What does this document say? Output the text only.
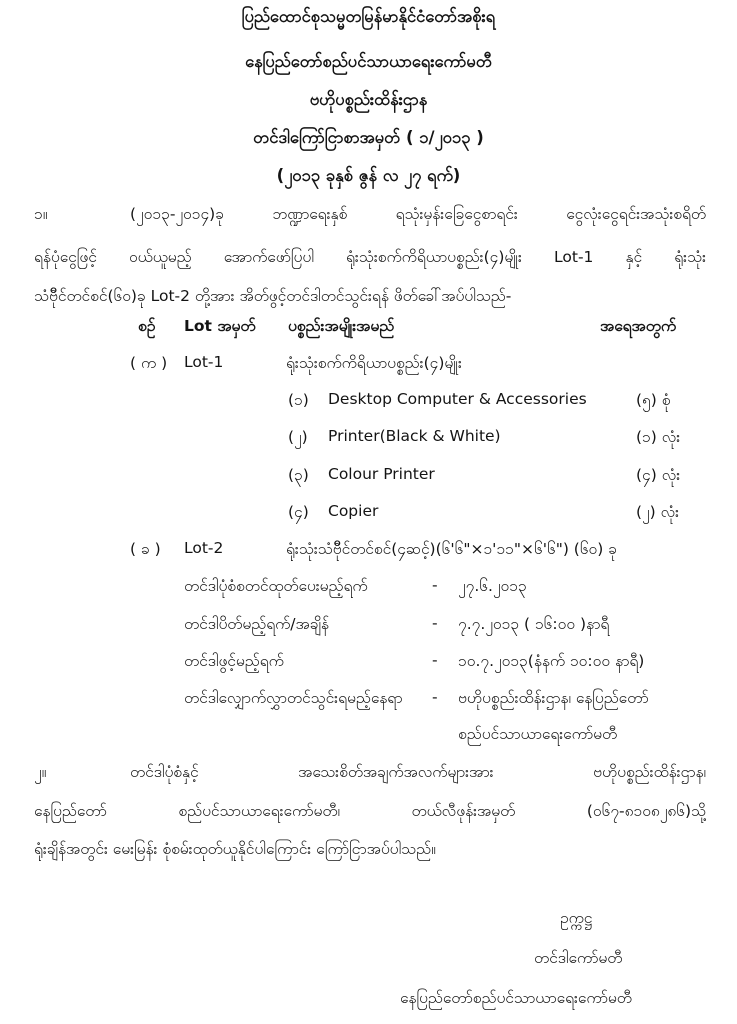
ပြည်ထောင်စုသမ္မတမြန်မာနိုင်ငံတော်အစိုးရ
နေပြည်တော်စည်ပင်သာယာရေးကော်မတီ
ဗဟိုပစ္စည်းထိန်းဌာန
တင်ဒါကြော်ငြာစာအမှတ် ( ၁/၂၀၁၃ )
(၂၀၁၃ ခုနှစ် ဇွန် လ ၂၇ ရက်)
၁။	(၂၀၁၃-၂၀၁၄)ခု ဘဏ္ဍာရေးနှစ် ရသုံးမှန်းခြေငွေစာရင်း ငွေလုံးငွေရင်းအသုံးစရိတ်
ရန်ပုံငွေဖြင့် ဝယ်ယူမည့် အောက်ဖော်ပြပါ ရုံးသုံးစက်ကိရိယာပစ္စည်း(၄)မျိုး Lot-1 နှင့် ရုံးသုံး
သံဗီိုင်တင်စင်(၆၀)ခု Lot-2 တို့အား အိတ်ဖွင့်တင်ဒါတင်သွင်းရန် ဖိတ်ခေါ်အပ်ပါသည်-
စဉ် Lot အမှတ် ပစ္စည်းအမျိုးအမည်	အရေအတွက်
( က ) Lot-1	ရုံးသုံးစက်ကိရိယာပစ္စည်း(၄)မျိုး
(၁) Desktop Computer & Accessories	(၅) စုံ
(၂) Printer(Black & White)	(၁) လုံး
(၃) Colour Printer	(၄) လုံး
(၄) Copier	(၂) လုံး
( ခ ) Lot-2	ရုံးသုံးသံဗီိုင်တင်စင်(၄ဆင့်)(၆'၆"×၁'၁၁"×၆'၆") (၆၀) ခု
တင်ဒါပုံစံစတင်ထုတ်ပေးမည့်ရက်	- ၂၇.၆.၂၀၁၃
တင်ဒါပိတ်မည့်ရက်/အချိန်	- ၇.၇.၂၀၁၃ ( ၁၆:၀၀ )နာရီ
တင်ဒါဖွင့်မည့်ရက်	- ၁၀.၇.၂၀၁၃(နံနက် ၁၀:၀၀ နာရီ)
တင်ဒါလျှောက်လွှာတင်သွင်းရမည့်နေရာ - ဗဟိုပစ္စည်းထိန်းဌာန၊ နေပြည်တော်
စည်ပင်သာယာရေးကော်မတီ
၂။	တင်ဒါပုံစံနှင့် အသေးစိတ်အချက်အလက်များအား ဗဟိုပစ္စည်းထိန်းဌာန၊
နေပြည်တော် စည်ပင်သာယာရေးကော်မတီ၊ တယ်လီဖုန်းအမှတ် (၀၆၇-၈၁၀၈၂၈၆)သို့
ရုံးချိန်အတွင်း မေးမြန်း စုံစမ်းထုတ်ယူနိုင်ပါကြောင်း ကြော်ငြာအပ်ပါသည်။
ဥက္ကဋ္ဌ
တင်ဒါကော်မတီ
နေပြည်တော်စည်ပင်သာယာရေးကော်မတီ
